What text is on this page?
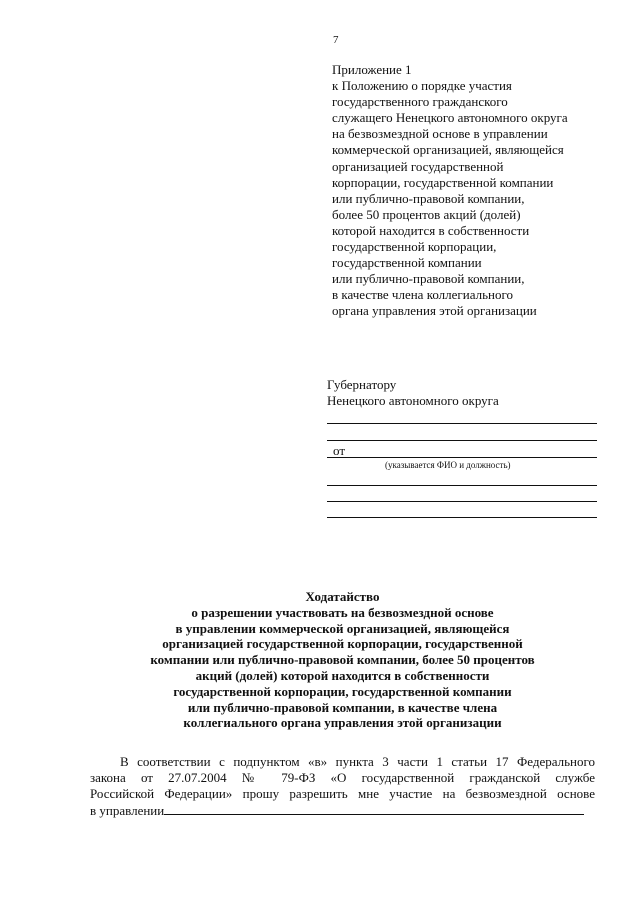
7
Приложение 1
к Положению о порядке участия
государственного гражданского
служащего Ненецкого автономного округа
на безвозмездной основе в управлении
коммерческой организацией, являющейся
организацией государственной
корпорации, государственной компании
или публично-правовой компании,
более 50 процентов акций (долей)
которой находится в собственности
государственной корпорации,
государственной компании
или публично-правовой компании,
в качестве члена коллегиального
органа управления этой организации
Губернатору
Ненецкого автономного округа
от
(указывается ФИО и должность)
Ходатайство
о разрешении участвовать на безвозмездной основе
в управлении коммерческой организацией, являющейся
организацией государственной корпорации, государственной
компании или публично-правовой компании, более 50 процентов
акций (долей) которой находится в собственности
государственной корпорации, государственной компании
или публично-правовой компании, в качестве члена
коллегиального органа управления этой организации
В соответствии с подпунктом «в» пункта 3 части 1 статьи 17 Федерального
закона от 27.07.2004 № 79-ФЗ «О государственной гражданской службе
Российской Федерации» прошу разрешить мне участие на безвозмездной основе
в управлении
